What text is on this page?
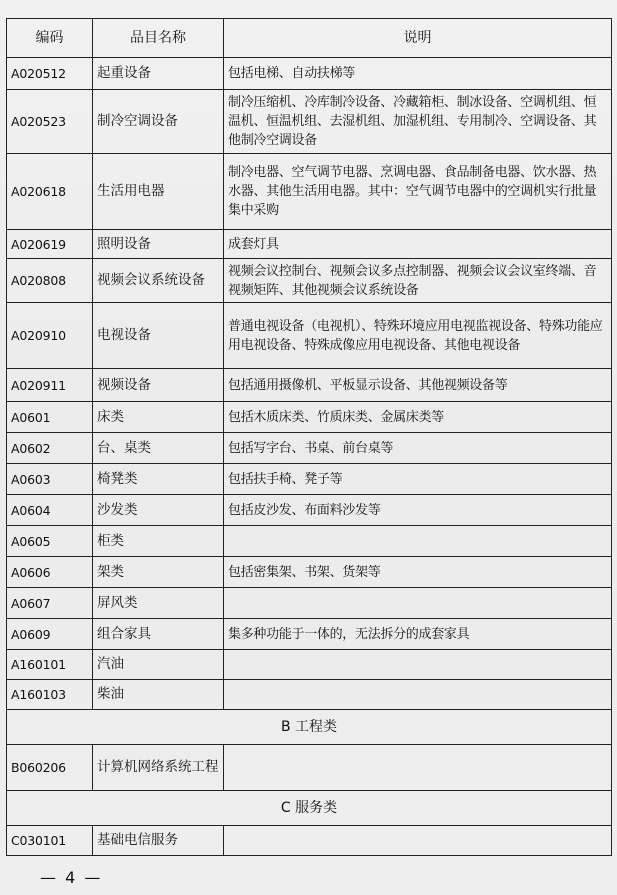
编码	品目名称	说明
A020512	起重设备	包括电梯、自动扶梯等
A020523	制冷空调设备	制冷压缩机、冷库制冷设备、冷藏箱柜、制冰设备、空调机组、恒温机、恒温机组、去湿机组、加湿机组、专用制冷、空调设备、其他制冷空调设备
A020618	生活用电器	制冷电器、空气调节电器、烹调电器、食品制备电器、饮水器、热水器、其他生活用电器。其中：空气调节电器中的空调机实行批量集中采购
A020619	照明设备	成套灯具
A020808	视频会议系统设备	视频会议控制台、视频会议多点控制器、视频会议会议室终端、音视频矩阵、其他视频会议系统设备
A020910	电视设备	普通电视设备（电视机）、特殊环境应用电视监视设备、特殊功能应用电视设备、特殊成像应用电视设备、其他电视设备
A020911	视频设备	包括通用摄像机、平板显示设备、其他视频设备等
A0601	床类	包括木质床类、竹质床类、金属床类等
A0602	台、桌类	包括写字台、书桌、前台桌等
A0603	椅凳类	包括扶手椅、凳子等
A0604	沙发类	包括皮沙发、布面料沙发等
A0605	柜类	
A0606	架类	包括密集架、书架、货架等
A0607	屏风类	
A0609	组合家具	集多种功能于一体的，无法拆分的成套家具
A160101	汽油	
A160103	柴油	
B 工程类		
B060206	计算机网络系统工程	
C 服务类		
C030101	基础电信服务	
— 4 —
